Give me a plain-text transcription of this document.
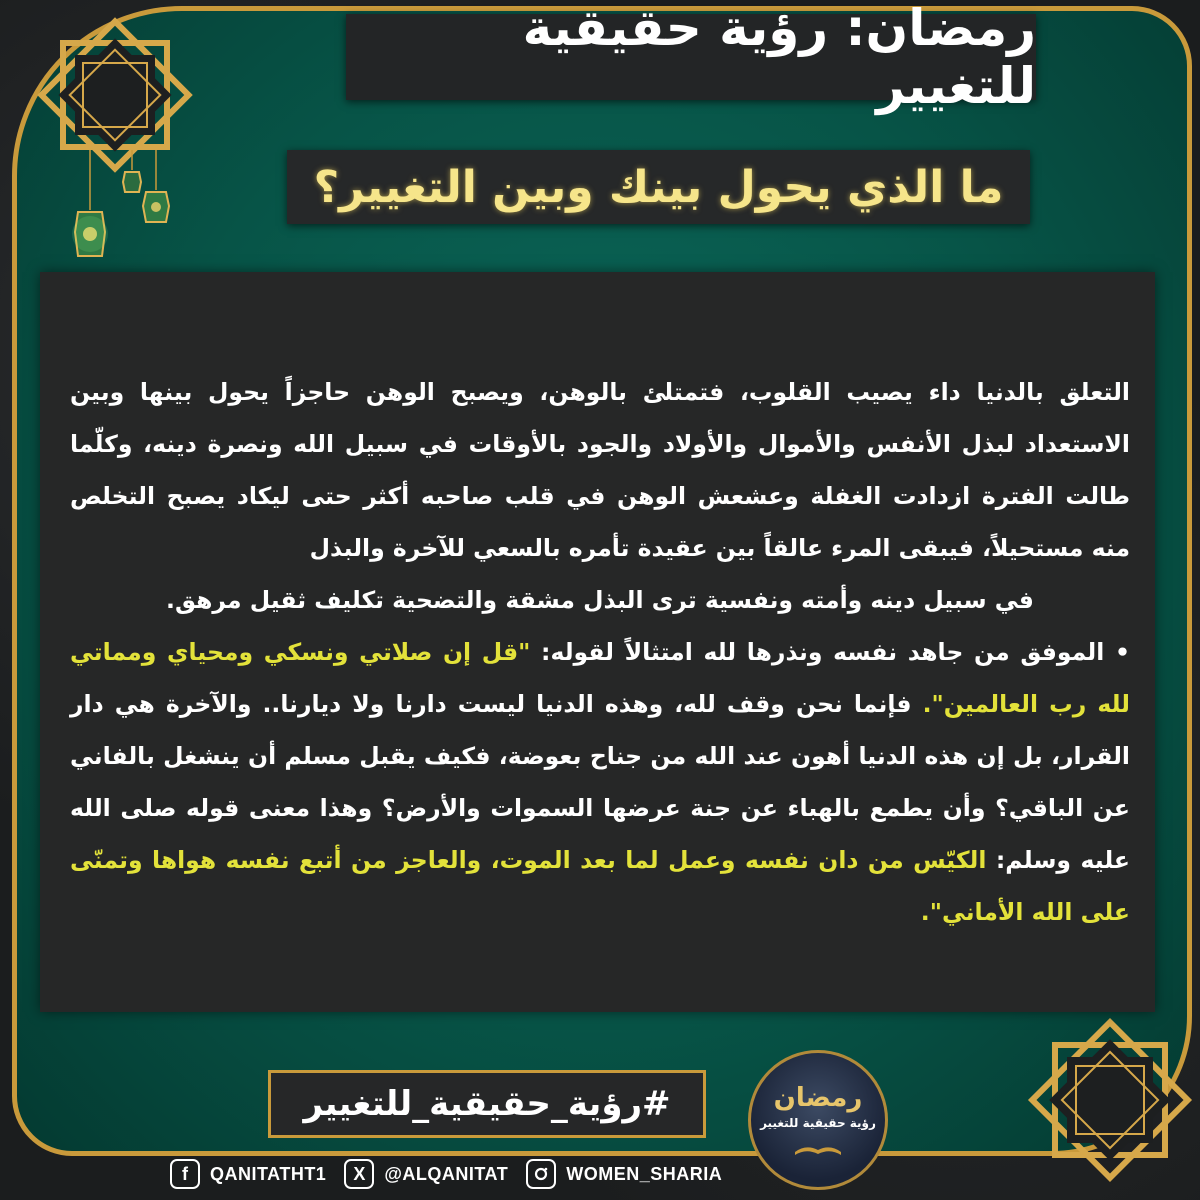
رمضان: رؤية حقيقية للتغيير
ما الذي يحول بينك وبين التغيير؟

التعلق بالدنيا داء يصيب القلوب، فتمتلئ بالوهن، ويصبح الوهن حاجزاً يحول بينها وبين الاستعداد لبذل الأنفس والأموال والأولاد والجود بالأوقات في سبيل الله ونصرة دينه، وكلّما طالت الفترة ازدادت الغفلة وعشعش الوهن في قلب صاحبه أكثر حتى ليكاد يصبح التخلص منه مستحيلاً، فيبقى المرء عالقاً بين عقيدة تأمره بالسعي للآخرة والبذل

في سبيل دينه وأمته ونفسية ترى البذل مشقة والتضحية تكليف ثقيل مرهق.

• الموفق من جاهد نفسه ونذرها لله امتثالاً لقوله: "قل إن صلاتي ونسكي ومحياي ومماتي لله رب العالمين". فإنما نحن وقف لله، وهذه الدنيا ليست دارنا ولا ديارنا.. والآخرة هي دار القرار، بل إن هذه الدنيا أهون عند الله من جناح بعوضة، فكيف يقبل مسلم أن ينشغل بالفاني عن الباقي؟ وأن يطمع بالهباء عن جنة عرضها السموات والأرض؟ وهذا معنى قوله صلى الله عليه وسلم: الكيّس من دان نفسه وعمل لما بعد الموت، والعاجز من أتبع نفسه هواها وتمنّى على الله الأماني".

#رؤية_حقيقية_للتغيير	رمضان
رؤية حقيقية للتغيير
f	QANITATHT1	X	@ALQANITAT	WOMEN_SHARIA
